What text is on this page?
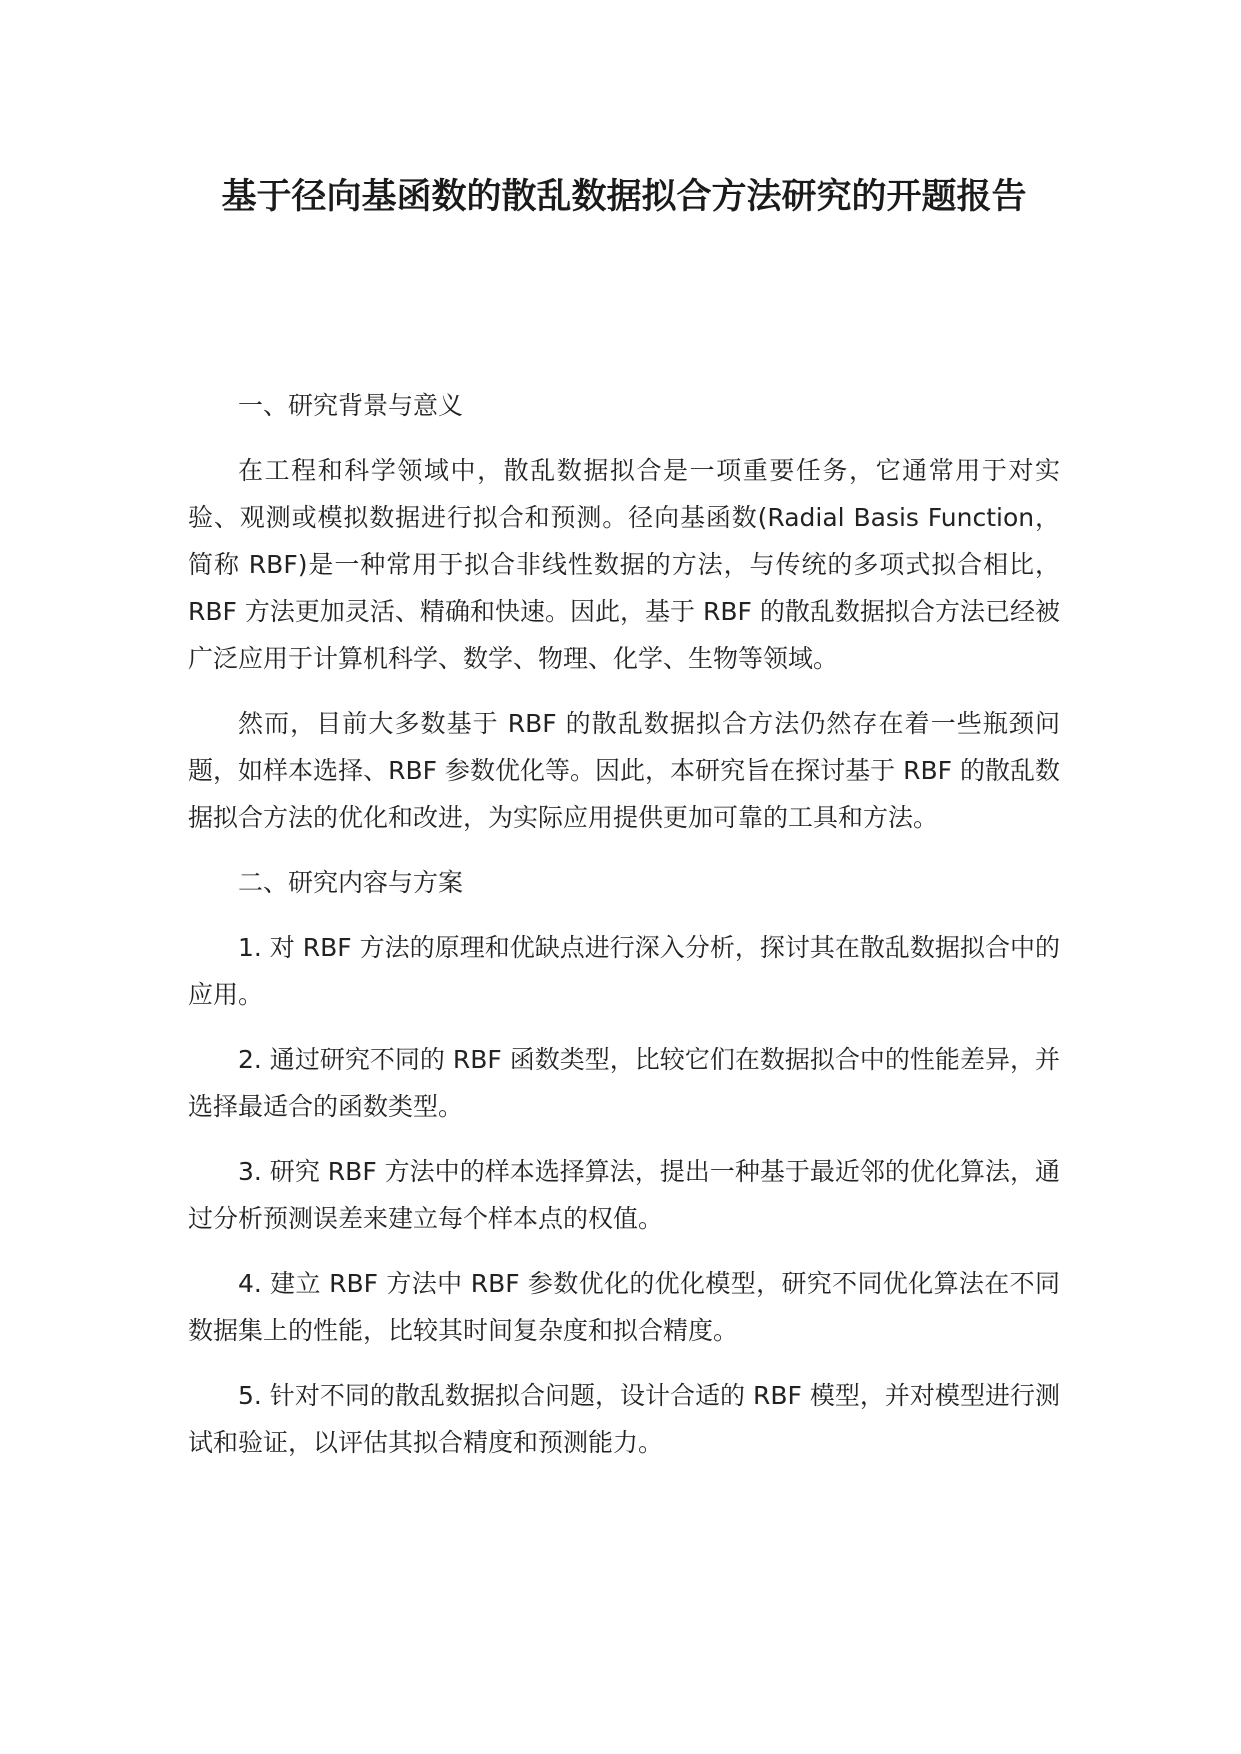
基于径向基函数的散乱数据拟合方法研究的开题报告

一、研究背景与意义

在工程和科学领域中，散乱数据拟合是一项重要任务，它通常用于对实验、观测或模拟数据进行拟合和预测。径向基函数(Radial Basis Function，简称 RBF)是一种常用于拟合非线性数据的方法，与传统的多项式拟合相比，RBF 方法更加灵活、精确和快速。因此，基于 RBF 的散乱数据拟合方法已经被广泛应用于计算机科学、数学、物理、化学、生物等领域。

然而，目前大多数基于 RBF 的散乱数据拟合方法仍然存在着一些瓶颈问题，如样本选择、RBF 参数优化等。因此，本研究旨在探讨基于 RBF 的散乱数据拟合方法的优化和改进，为实际应用提供更加可靠的工具和方法。

二、研究内容与方案

1. 对 RBF 方法的原理和优缺点进行深入分析，探讨其在散乱数据拟合中的应用。

2. 通过研究不同的 RBF 函数类型，比较它们在数据拟合中的性能差异，并选择最适合的函数类型。

3. 研究 RBF 方法中的样本选择算法，提出一种基于最近邻的优化算法，通过分析预测误差来建立每个样本点的权值。

4. 建立 RBF 方法中 RBF 参数优化的优化模型，研究不同优化算法在不同数据集上的性能，比较其时间复杂度和拟合精度。

5. 针对不同的散乱数据拟合问题，设计合适的 RBF 模型，并对模型进行测试和验证，以评估其拟合精度和预测能力。
